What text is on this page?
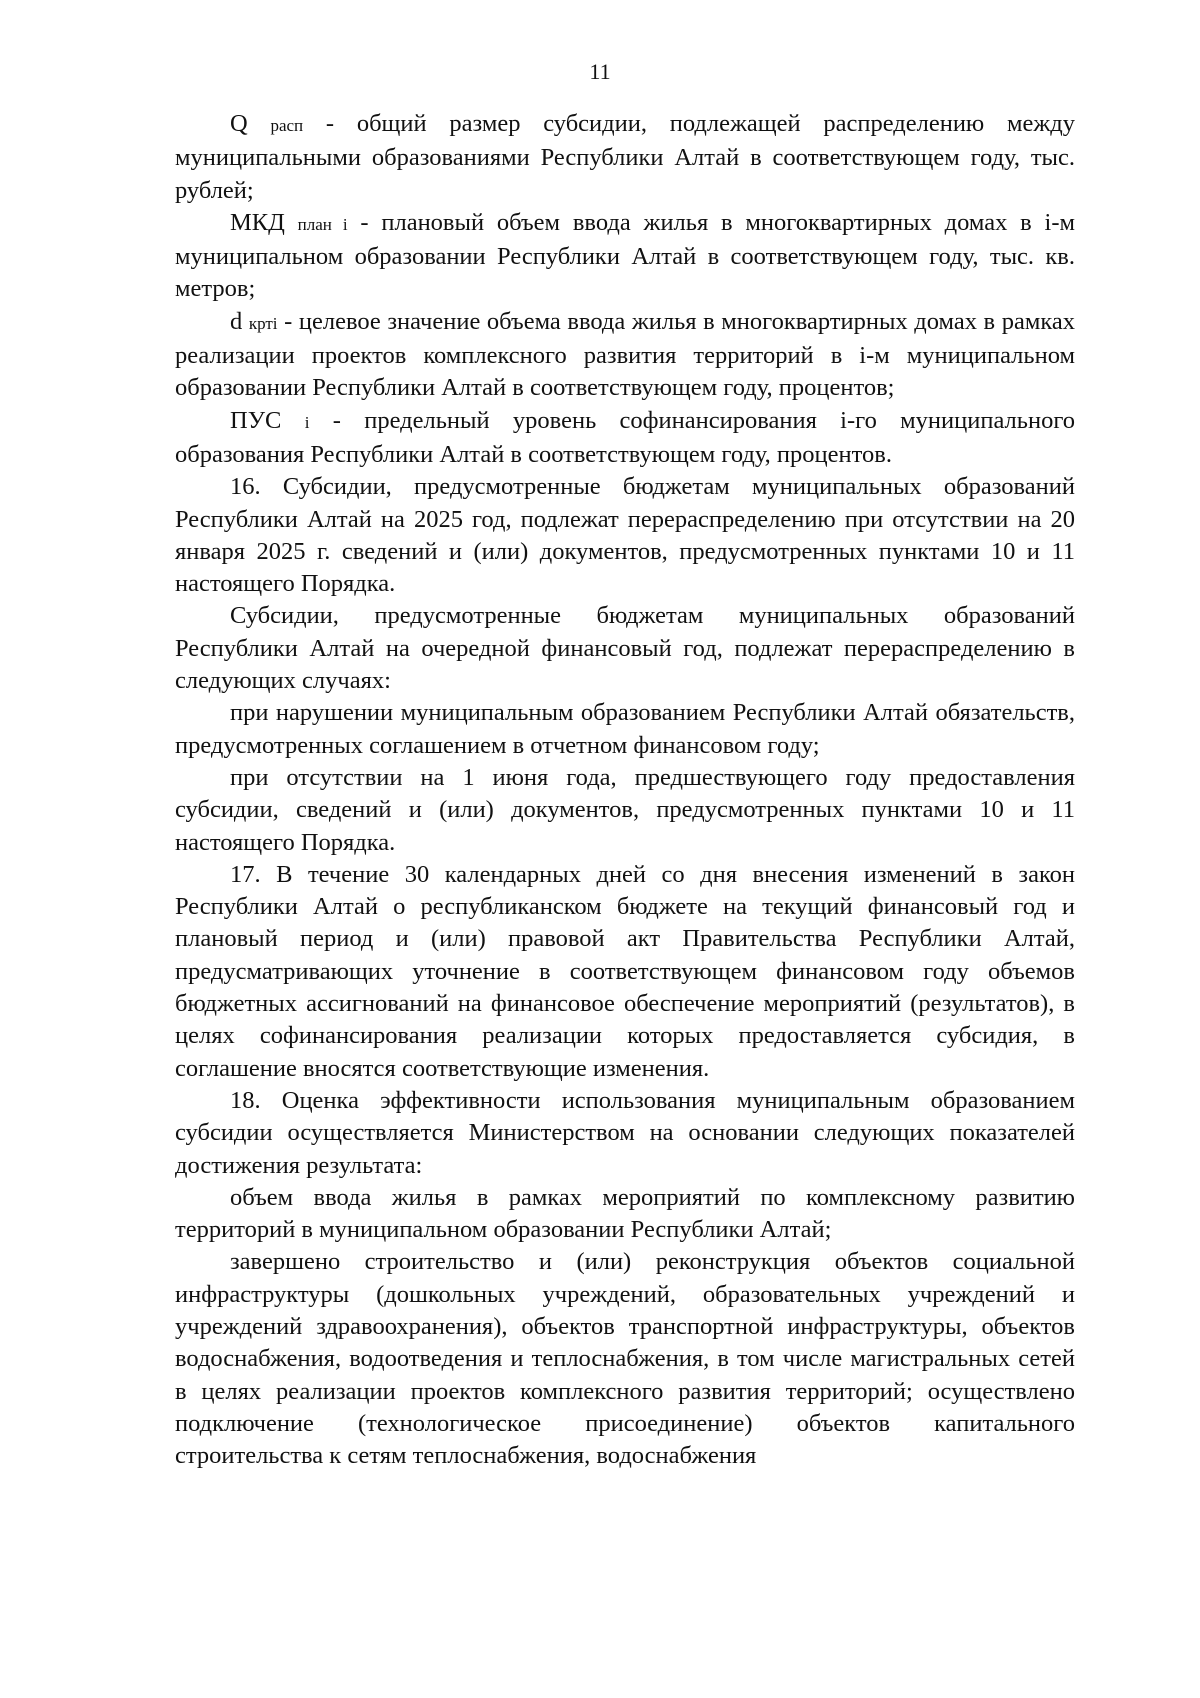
11

Q расп - общий размер субсидии, подлежащей распределению между муниципальными образованиями Республики Алтай в соответствующем году, тыс. рублей;

МКД план i - плановый объем ввода жилья в многоквартирных домах в i-м муниципальном образовании Республики Алтай в соответствующем году, тыс. кв. метров;

d крті - целевое значение объема ввода жилья в многоквартирных домах в рамках реализации проектов комплексного развития территорий в i-м муниципальном образовании Республики Алтай в соответствующем году, процентов;

ПУС i - предельный уровень софинансирования i-го муниципального образования Республики Алтай в соответствующем году, процентов.

16. Субсидии, предусмотренные бюджетам муниципальных образований Республики Алтай на 2025 год, подлежат перераспределению при отсутствии на 20 января 2025 г. сведений и (или) документов, предусмотренных пунктами 10 и 11 настоящего Порядка.

Субсидии, предусмотренные бюджетам муниципальных образований Республики Алтай на очередной финансовый год, подлежат перераспределению в следующих случаях:

при нарушении муниципальным образованием Республики Алтай обязательств, предусмотренных соглашением в отчетном финансовом году;

при отсутствии на 1 июня года, предшествующего году предоставления субсидии, сведений и (или) документов, предусмотренных пунктами 10 и 11 настоящего Порядка.

17. В течение 30 календарных дней со дня внесения изменений в закон Республики Алтай о республиканском бюджете на текущий финансовый год и плановый период и (или) правовой акт Правительства Республики Алтай, предусматривающих уточнение в соответствующем финансовом году объемов бюджетных ассигнований на финансовое обеспечение мероприятий (результатов), в целях софинансирования реализации которых предоставляется субсидия, в соглашение вносятся соответствующие изменения.

18. Оценка эффективности использования муниципальным образованием субсидии осуществляется Министерством на основании следующих показателей достижения результата:

объем ввода жилья в рамках мероприятий по комплексному развитию территорий в муниципальном образовании Республики Алтай;

завершено строительство и (или) реконструкция объектов социальной инфраструктуры (дошкольных учреждений, образовательных учреждений и учреждений здравоохранения), объектов транспортной инфраструктуры, объектов водоснабжения, водоотведения и теплоснабжения, в том числе магистральных сетей в целях реализации проектов комплексного развития территорий; осуществлено подключение (технологическое присоединение) объектов капитального строительства к сетям теплоснабжения, водоснабжения
